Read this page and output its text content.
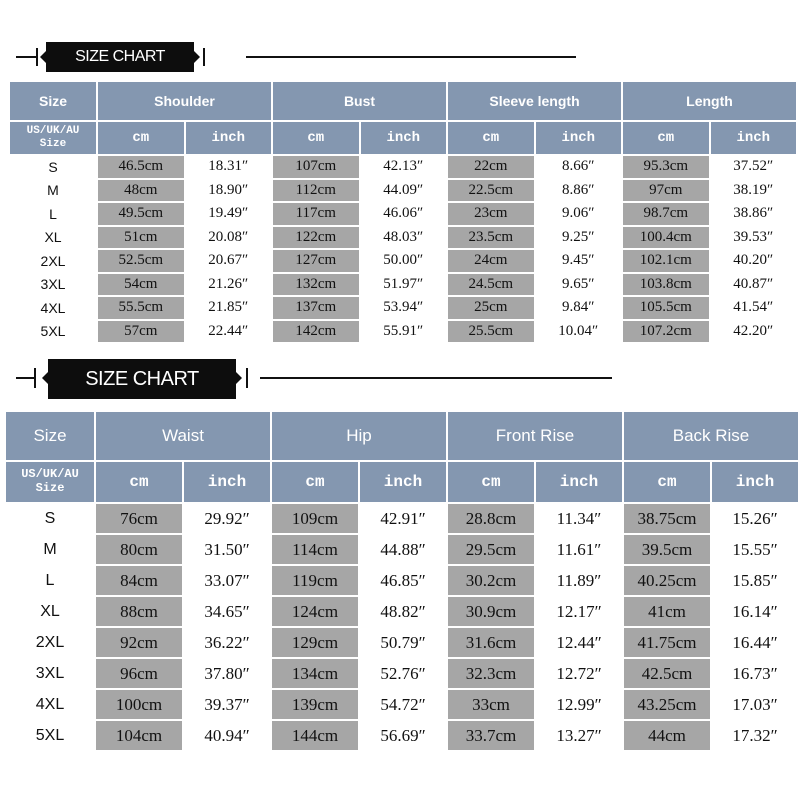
SIZE CHART
Size	Shoulder		Bust		Sleeve length		Length	

US/UK/AU
Size	cm	inch	cm	inch	cm	inch	cm	inch
S	46.5cm	18.31″	107cm	42.13″	22cm	8.66″	95.3cm	37.52″
M	48cm	18.90″	112cm	44.09″	22.5cm	8.86″	97cm	38.19″
L	49.5cm	19.49″	117cm	46.06″	23cm	9.06″	98.7cm	38.86″
XL	51cm	20.08″	122cm	48.03″	23.5cm	9.25″	100.4cm	39.53″
2XL	52.5cm	20.67″	127cm	50.00″	24cm	9.45″	102.1cm	40.20″
3XL	54cm	21.26″	132cm	51.97″	24.5cm	9.65″	103.8cm	40.87″
4XL	55.5cm	21.85″	137cm	53.94″	25cm	9.84″	105.5cm	41.54″
5XL	57cm	22.44″	142cm	55.91″	25.5cm	10.04″	107.2cm	42.20″
SIZE CHART
Size	Waist		Hip		Front Rise		Back Rise	

US/UK/AU
Size	cm	inch	cm	inch	cm	inch	cm	inch
S	76cm	29.92″	109cm	42.91″	28.8cm	11.34″	38.75cm	15.26″
M	80cm	31.50″	114cm	44.88″	29.5cm	11.61″	39.5cm	15.55″
L	84cm	33.07″	119cm	46.85″	30.2cm	11.89″	40.25cm	15.85″
XL	88cm	34.65″	124cm	48.82″	30.9cm	12.17″	41cm	16.14″
2XL	92cm	36.22″	129cm	50.79″	31.6cm	12.44″	41.75cm	16.44″
3XL	96cm	37.80″	134cm	52.76″	32.3cm	12.72″	42.5cm	16.73″
4XL	100cm	39.37″	139cm	54.72″	33cm	12.99″	43.25cm	17.03″
5XL	104cm	40.94″	144cm	56.69″	33.7cm	13.27″	44cm	17.32″
